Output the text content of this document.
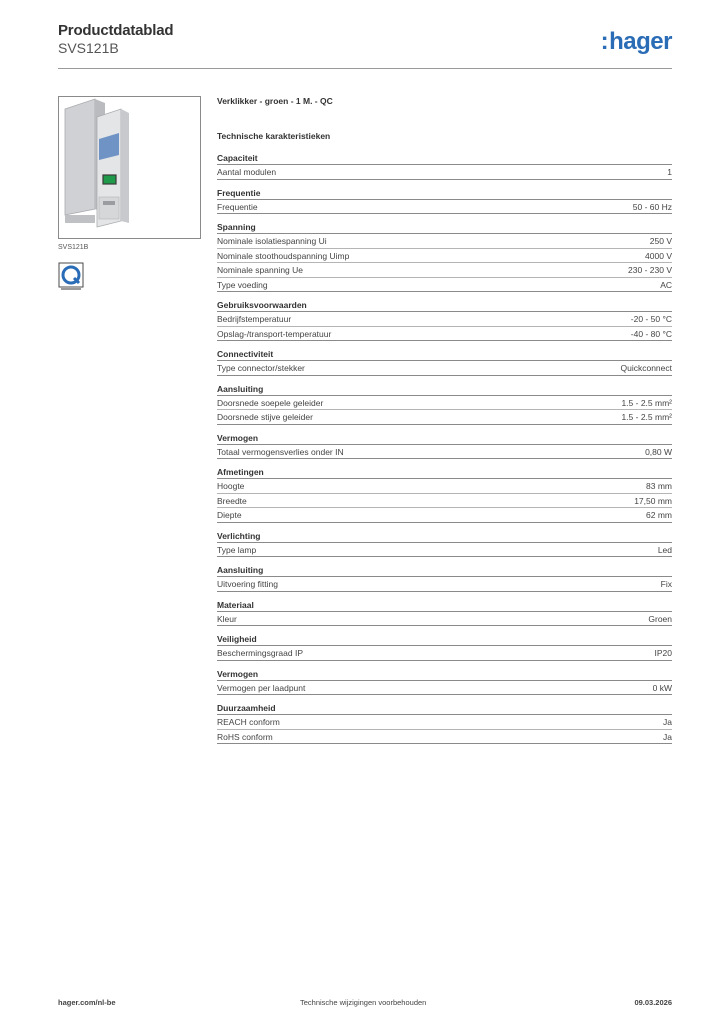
Productdatablad
SVS121B	:hager
SVS121B
Verklikker - groen - 1 M. - QC
Technische karakteristieken
Capaciteit
Aantal modulen	1
Frequentie
Frequentie	50 - 60 Hz
Spanning
Nominale isolatiespanning Ui	250 V
Nominale stoothoudspanning Uimp	4000 V
Nominale spanning Ue	230 - 230 V
Type voeding	AC
Gebruiksvoorwaarden
Bedrijfstemperatuur	-20 - 50 °C
Opslag-/transport-temperatuur	-40 - 80 °C
Connectiviteit
Type connector/stekker	Quickconnect
Aansluiting
Doorsnede soepele geleider	1.5 - 2.5 mm²
Doorsnede stijve geleider	1.5 - 2.5 mm²
Vermogen
Totaal vermogensverlies onder IN	0,80 W
Afmetingen
Hoogte	83 mm
Breedte	17,50 mm
Diepte	62 mm
Verlichting
Type lamp	Led
Aansluiting
Uitvoering fitting	Fix
Materiaal
Kleur	Groen
Veiligheid
Beschermingsgraad IP	IP20
Vermogen
Vermogen per laadpunt	0 kW
Duurzaamheid
REACH conform	Ja
RoHS conform	Ja
hager.com/nl-be	Technische wijzigingen voorbehouden	09.03.2026
